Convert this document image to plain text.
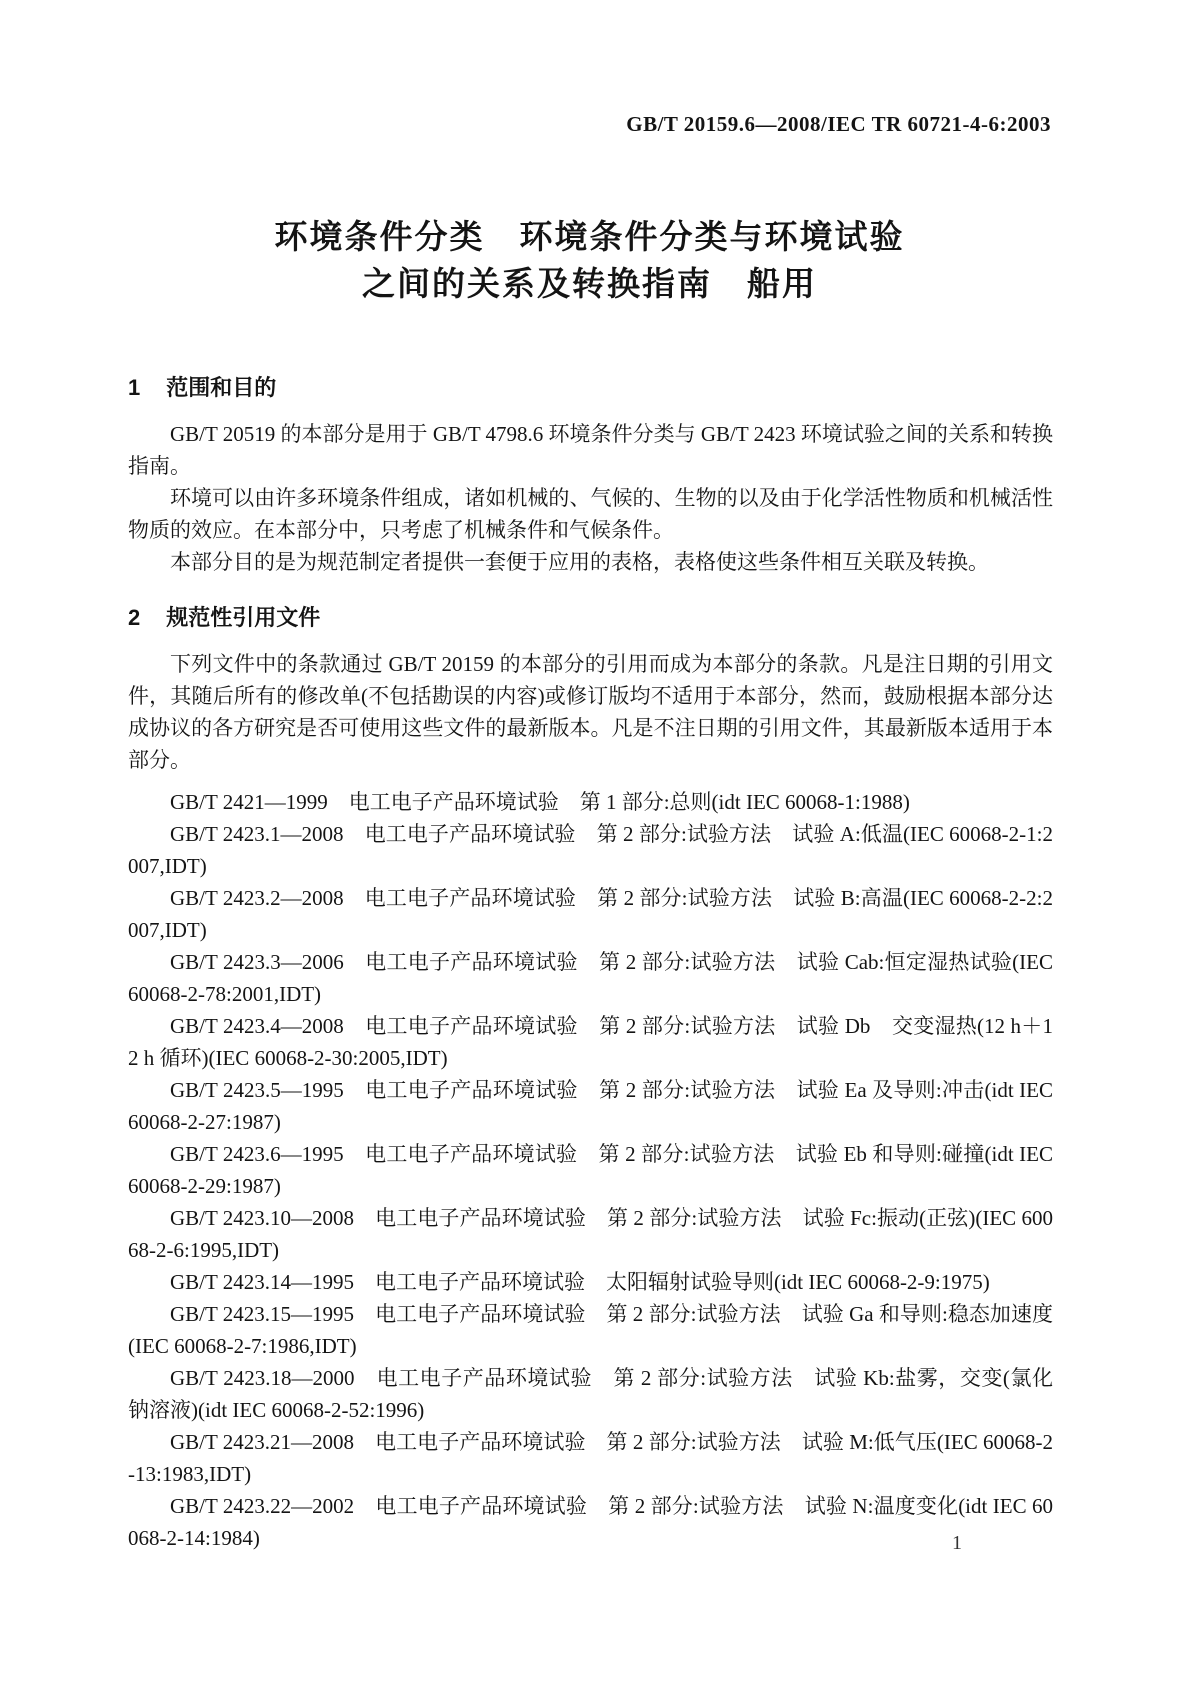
GB/T 20159.6—2008/IEC TR 60721-4-6:2003
环境条件分类　环境条件分类与环境试验
之间的关系及转换指南　船用
1 范围和目的

GB/T 20519 的本部分是用于 GB/T 4798.6 环境条件分类与 GB/T 2423 环境试验之间的关系和转换指南。

环境可以由许多环境条件组成，诸如机械的、气候的、生物的以及由于化学活性物质和机械活性物质的效应。在本部分中，只考虑了机械条件和气候条件。

本部分目的是为规范制定者提供一套便于应用的表格，表格使这些条件相互关联及转换。

2 规范性引用文件

下列文件中的条款通过 GB/T 20159 的本部分的引用而成为本部分的条款。凡是注日期的引用文件，其随后所有的修改单(不包括勘误的内容)或修订版均不适用于本部分，然而，鼓励根据本部分达成协议的各方研究是否可使用这些文件的最新版本。凡是不注日期的引用文件，其最新版本适用于本部分。

GB/T 2421—1999　电工电子产品环境试验　第 1 部分:总则(idt IEC 60068-1:1988)

GB/T 2423.1—2008　电工电子产品环境试验　第 2 部分:试验方法　试验 A:低温(IEC 60068-2-1:2007,IDT)

GB/T 2423.2—2008　电工电子产品环境试验　第 2 部分:试验方法　试验 B:高温(IEC 60068-2-2:2007,IDT)

GB/T 2423.3—2006　电工电子产品环境试验　第 2 部分:试验方法　试验 Cab:恒定湿热试验(IEC 60068-2-78:2001,IDT)

GB/T 2423.4—2008　电工电子产品环境试验　第 2 部分:试验方法　试验 Db　交变湿热(12 h＋12 h 循环)(IEC 60068-2-30:2005,IDT)

GB/T 2423.5—1995　电工电子产品环境试验　第 2 部分:试验方法　试验 Ea 及导则:冲击(idt IEC 60068-2-27:1987)

GB/T 2423.6—1995　电工电子产品环境试验　第 2 部分:试验方法　试验 Eb 和导则:碰撞(idt IEC 60068-2-29:1987)

GB/T 2423.10—2008　电工电子产品环境试验　第 2 部分:试验方法　试验 Fc:振动(正弦)(IEC 60068-2-6:1995,IDT)

GB/T 2423.14—1995　电工电子产品环境试验　太阳辐射试验导则(idt IEC 60068-2-9:1975)

GB/T 2423.15—1995　电工电子产品环境试验　第 2 部分:试验方法　试验 Ga 和导则:稳态加速度(IEC 60068-2-7:1986,IDT)

GB/T 2423.18—2000　电工电子产品环境试验　第 2 部分:试验方法　试验 Kb:盐雾，交变(氯化钠溶液)(idt IEC 60068-2-52:1996)

GB/T 2423.21—2008　电工电子产品环境试验　第 2 部分:试验方法　试验 M:低气压(IEC 60068-2-13:1983,IDT)

GB/T 2423.22—2002　电工电子产品环境试验　第 2 部分:试验方法　试验 N:温度变化(idt IEC 60068-2-14:1984)	1
